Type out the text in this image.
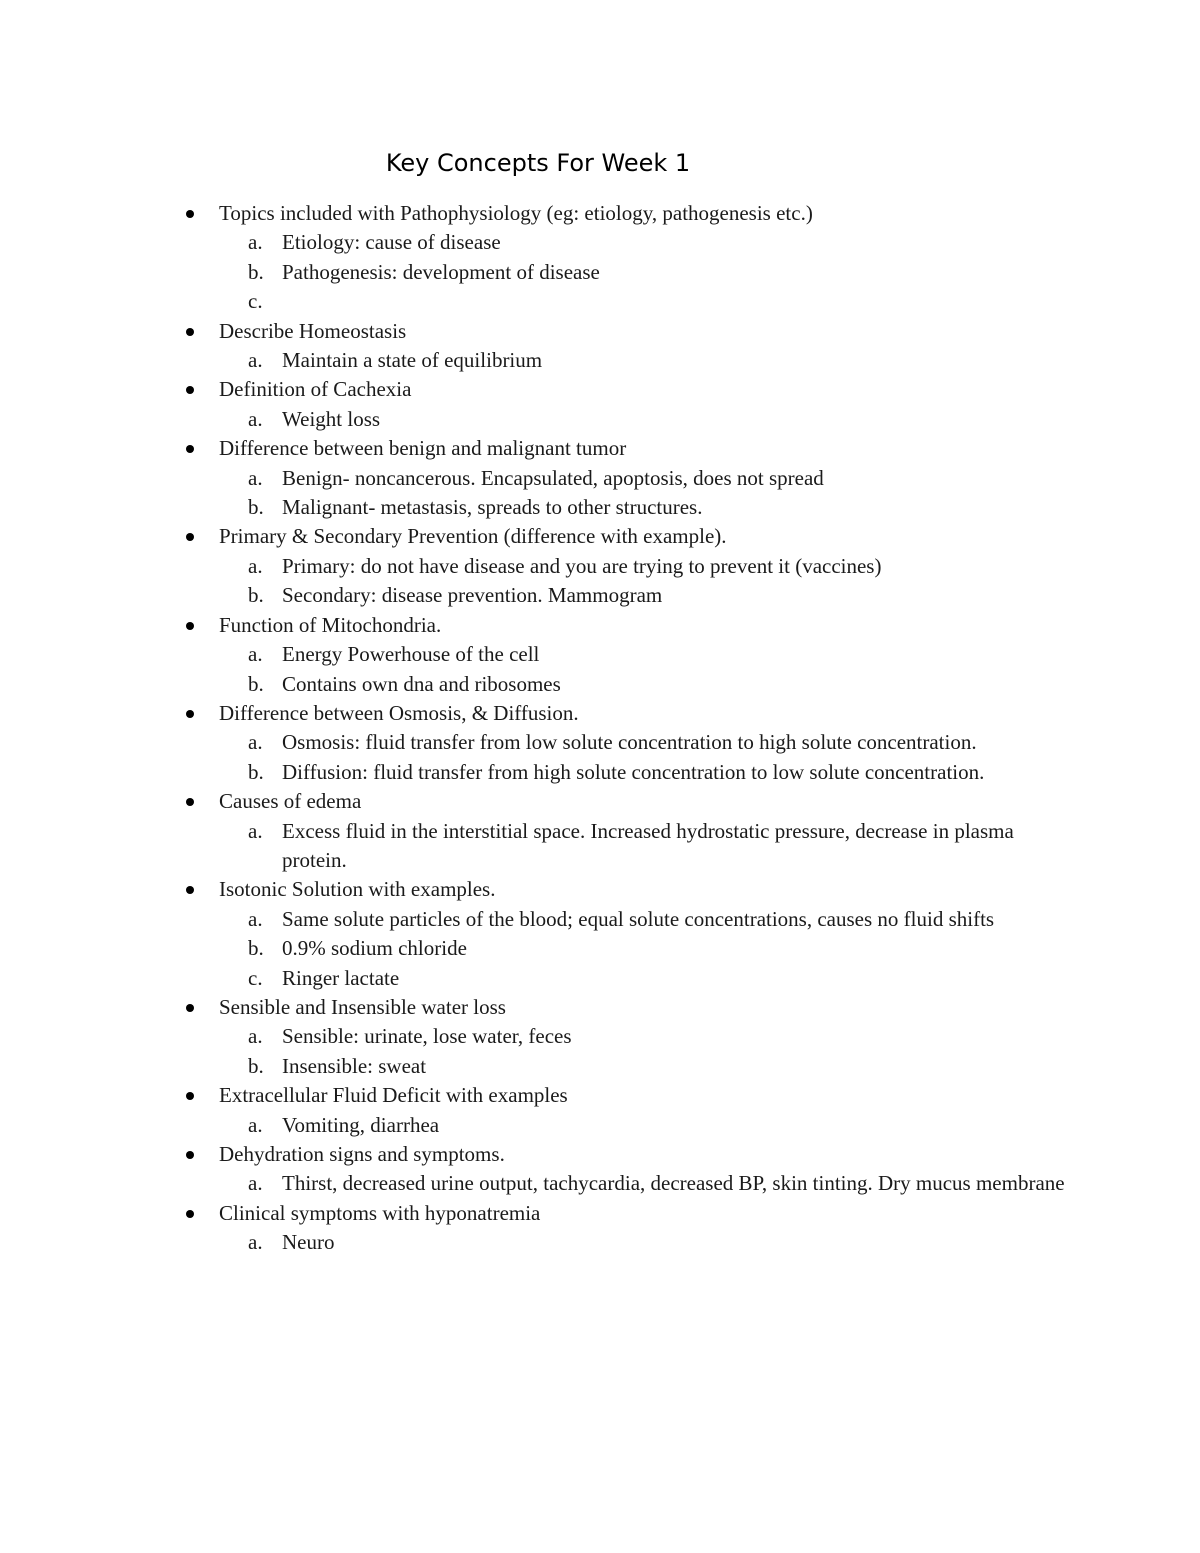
Key Concepts For Week 1
Topics included with Pathophysiology (eg: etiology, pathogenesis etc.)
a. Etiology: cause of disease
b. Pathogenesis: development of disease
c.

Describe Homeostasis
a. Maintain a state of equilibrium
Definition of Cachexia
a. Weight loss
Difference between benign and malignant tumor
a. Benign- noncancerous. Encapsulated, apoptosis, does not spread
b. Malignant- metastasis, spreads to other structures.
Primary & Secondary Prevention (difference with example).
a. Primary: do not have disease and you are trying to prevent it (vaccines)
b. Secondary: disease prevention. Mammogram
Function of Mitochondria.
a. Energy Powerhouse of the cell
b. Contains own dna and ribosomes
Difference between Osmosis, & Diffusion.
a. Osmosis: fluid transfer from low solute concentration to high solute concentration.
b. Diffusion: fluid transfer from high solute concentration to low solute concentration.
Causes of edema
a. Excess fluid in the interstitial space. Increased hydrostatic pressure, decrease in plasma protein.
Isotonic Solution with examples.
a. Same solute particles of the blood; equal solute concentrations, causes no fluid shifts
b. 0.9% sodium chloride
c. Ringer lactate
Sensible and Insensible water loss
a. Sensible: urinate, lose water, feces
b. Insensible: sweat
Extracellular Fluid Deficit with examples
a. Vomiting, diarrhea
Dehydration signs and symptoms.
a. Thirst, decreased urine output, tachycardia, decreased BP, skin tinting. Dry mucus membrane
Clinical symptoms with hyponatremia
a. Neuro
